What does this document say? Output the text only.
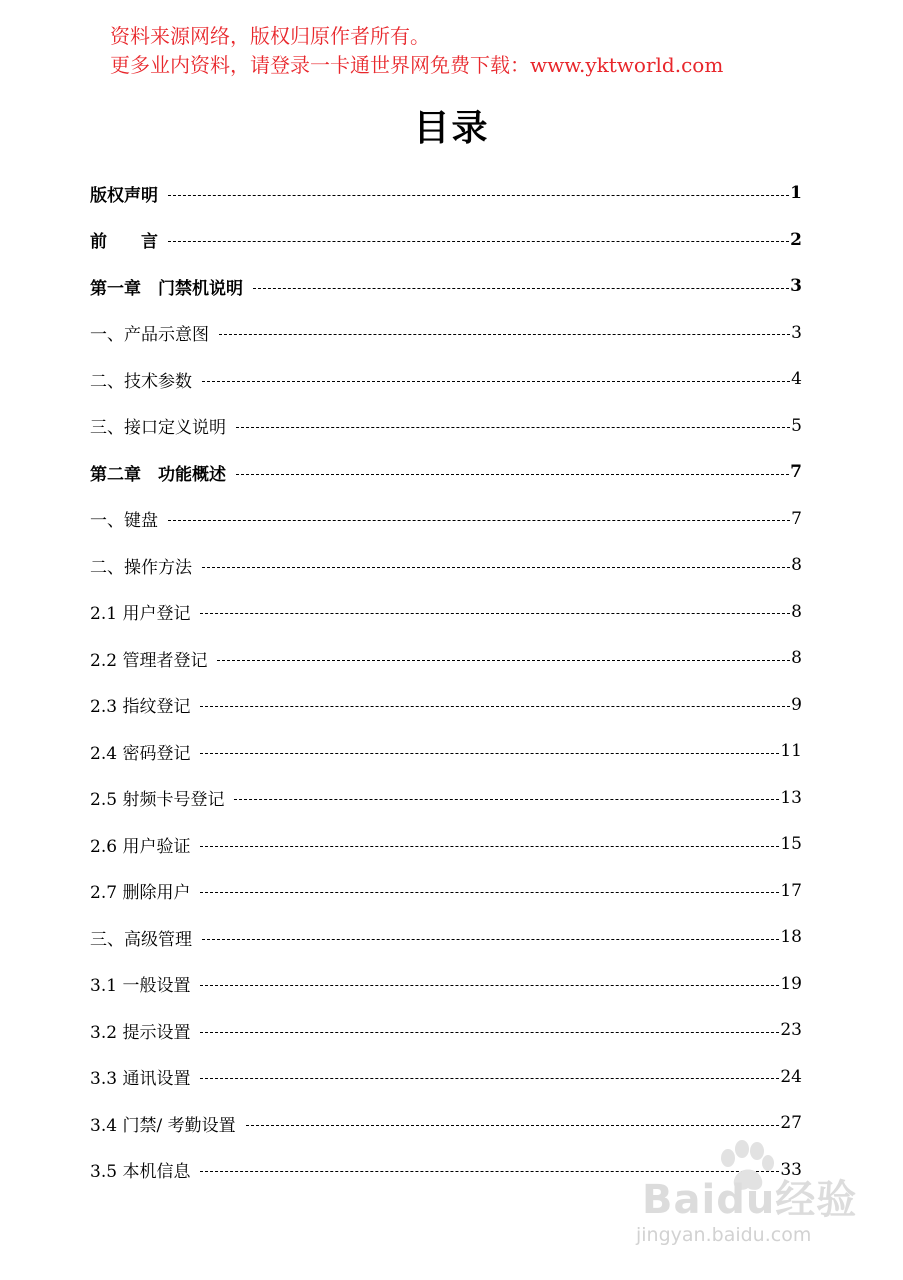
资料来源网络，版权归原作者所有。
更多业内资料，请登录一卡通世界网免费下载：www.yktworld.com
目录
版权声明	1
前　　言	2
第一章　门禁机说明	3
一、产品示意图	3
二、技术参数	4
三、接口定义说明	5
第二章　功能概述	7
一、键盘	7
二、操作方法	8
2.1 用户登记	8
2.2 管理者登记	8
2.3 指纹登记	9
2.4 密码登记	11
2.5 射频卡号登记	13
2.6 用户验证	15
2.7 删除用户	17
三、高级管理	18
3.1 一般设置	19
3.2 提示设置	23
3.3 通讯设置	24
3.4 门禁/ 考勤设置	27
3.5 本机信息	33
Baidu经验
jingyan.baidu.com
